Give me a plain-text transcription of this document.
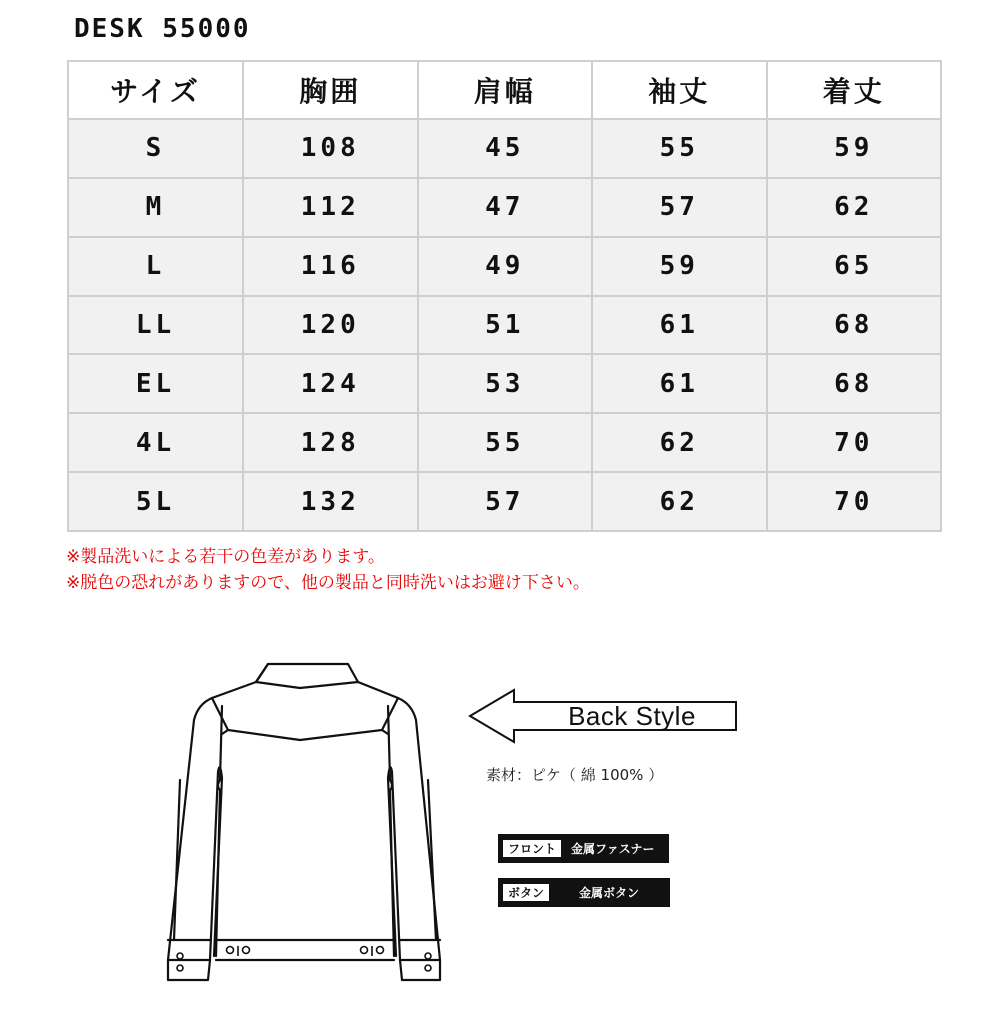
DESK 55000
サイズ	胸囲	肩幅	袖丈	着丈
S	108	45	55	59
M	112	47	57	62
L	116	49	59	65
LL	120	51	61	68
EL	124	53	61	68
4L	128	55	62	70
5L	132	57	62	70
※製品洗いによる若干の色差があります。
※脱色の恐れがありますので、他の製品と同時洗いはお避け下さい。
Back Style
素材：ピケ（ 綿 100% ）
フロント	金属ファスナー
ボタン	金属ボタン
